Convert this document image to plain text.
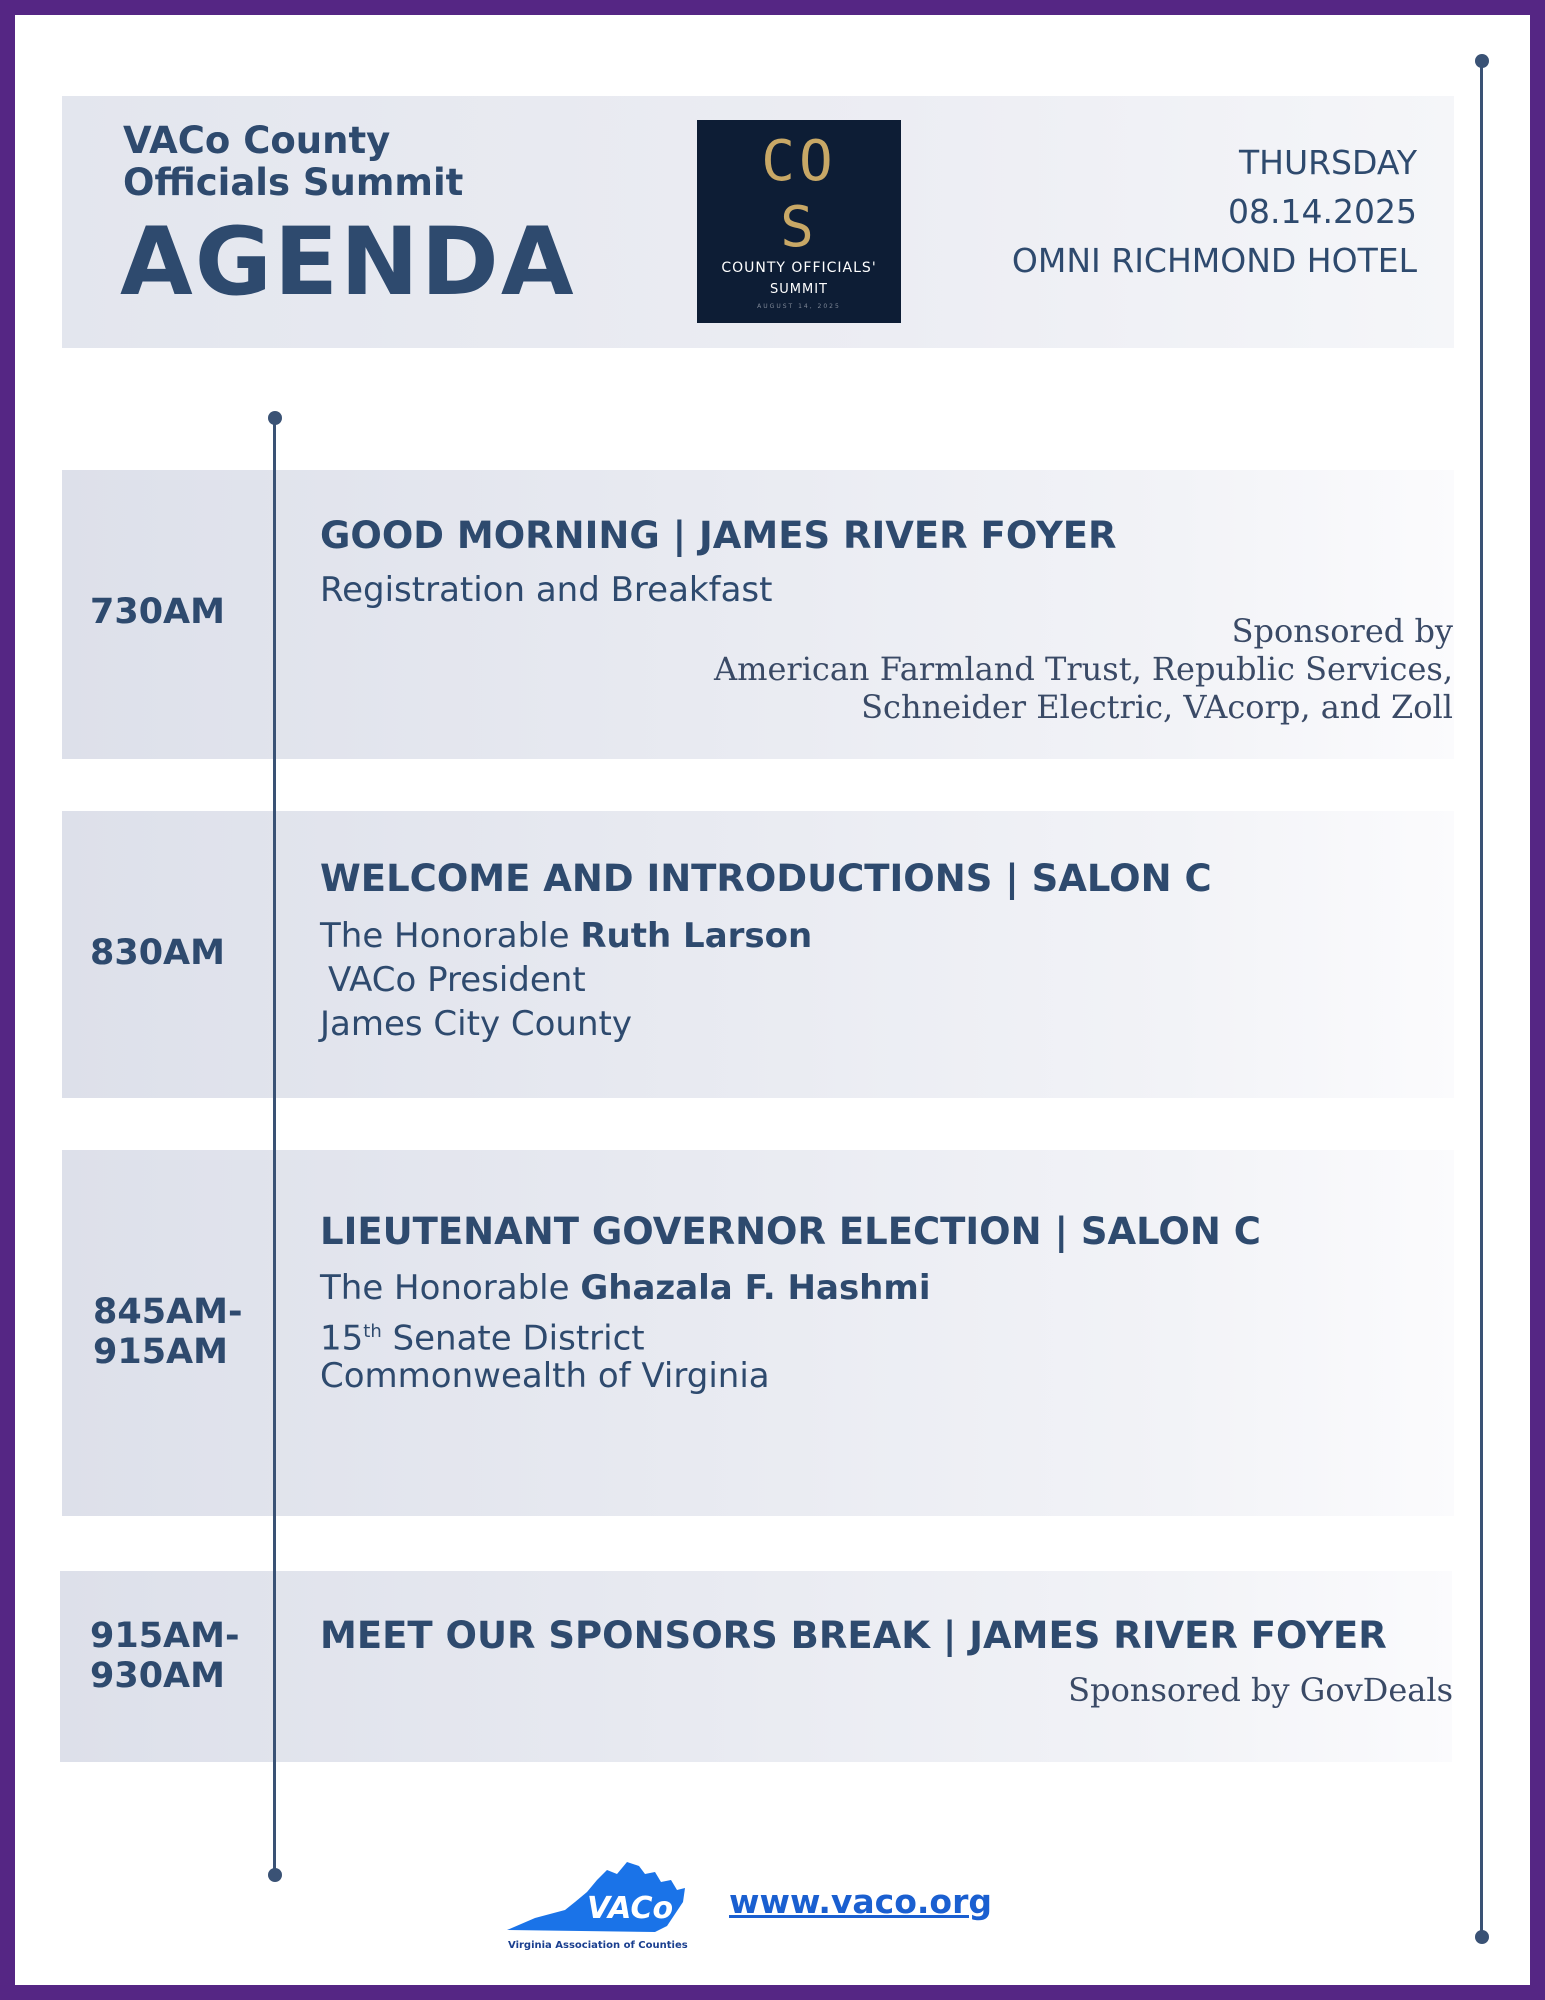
VACo County
Officials Summit
AGENDA
CO
S
COUNTY OFFICIALS'
SUMMIT
AUGUST 14, 2025
THURSDAY
08.14.2025
OMNI RICHMOND HOTEL
730AM
GOOD MORNING | JAMES RIVER FOYER
Registration and Breakfast
Sponsored by
American Farmland Trust, Republic Services,
Schneider Electric, VAcorp, and Zoll
830AM
WELCOME AND INTRODUCTIONS | SALON C
The Honorable Ruth Larson
VACo President
James City County
845AM-
915AM
LIEUTENANT GOVERNOR ELECTION | SALON C
The Honorable Ghazala F. Hashmi
15th Senate District
Commonwealth of Virginia
915AM-
930AM
MEET OUR SPONSORS BREAK | JAMES RIVER FOYER
Sponsored by GovDeals
VACo
Virginia Association of Counties
www.vaco.org
